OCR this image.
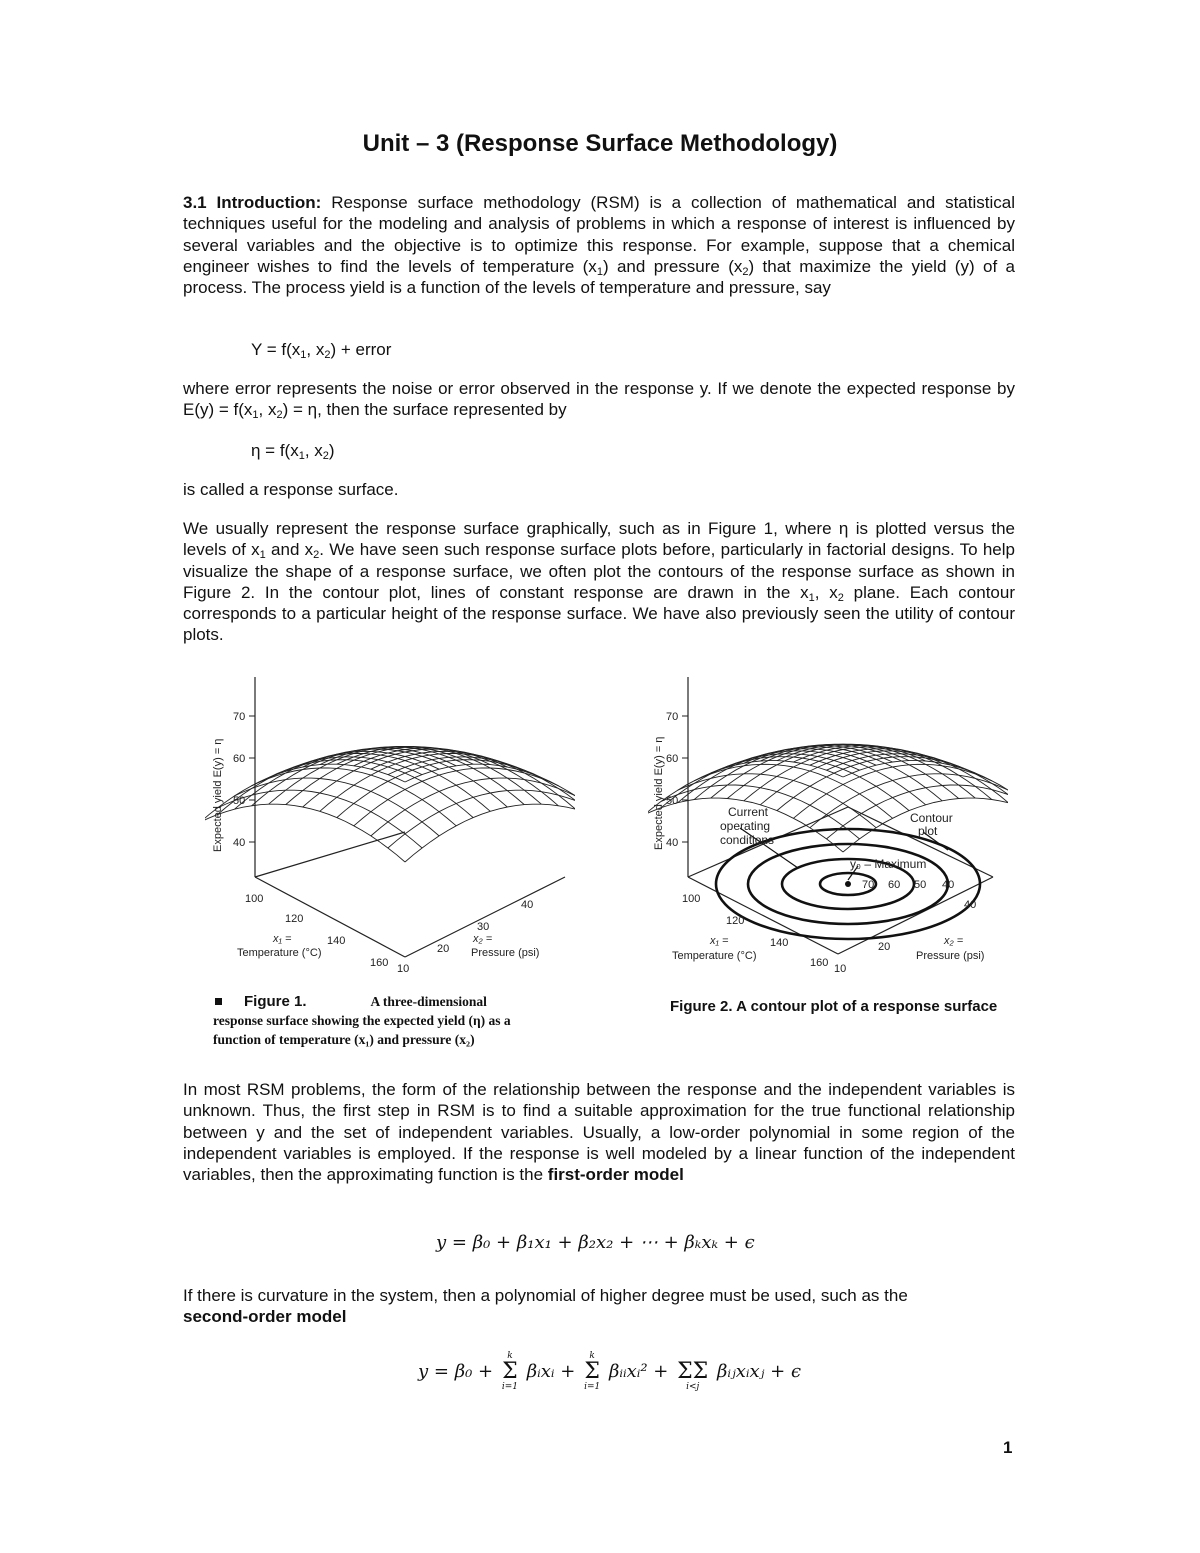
Unit – 3 (Response Surface Methodology)

3.1 Introduction: Response surface methodology (RSM) is a collection of mathematical and statistical techniques useful for the modeling and analysis of problems in which a response of interest is influenced by several variables and the objective is to optimize this response. For example, suppose that a chemical engineer wishes to find the levels of temperature $(x_1)$ and pressure $(x_2)$ that maximize the yield (y) of a process. The process yield is a function of the levels of temperature and pressure, say

$Y = f(x_1$, $x_2$) + error

where error represents the noise or error observed in the response y. If we denote the expected response by $E(y) = f(x_1$, $x_2) = \eta$, then the surface represented by

$\eta = f(x_1$, $x_2$)

is called a response surface.

We usually represent the response surface graphically, such as in Figure 1, where η is plotted versus the levels of $x_1$ and $x_2$. We have seen such response surface plots before, particularly in factorial designs. To help visualize the shape of a response surface, we often plot the contours of the response surface as shown in Figure 2. In the contour plot, lines of constant response are drawn in the $x_1$, $x_2$ plane. Each contour corresponds to a particular height of the response surface. We have also previously seen the utility of contour plots.

70
60
50
40
100
120
140
160 10
20
30
40
x₁ =
Temperature (°C)
x₂ =
Pressure (psi)
Expected yield E(y) = η
Figure 1.	A three-dimensional
response surface showing the expected yield (η) as a
function of temperature (x₁) and pressure (x₂)
70
60
50
40
Expected yield E(y) = η	Current
operating
conditions
Contour
plot
y₀ – Maximum
70 60 50 40
100
120
140
160 10
20
40
x₁ =
Temperature (°C)
x₂ =
Pressure (psi)
Figure 2. A contour plot of a response surface

In most RSM problems, the form of the relationship between the response and the independent variables is unknown. Thus, the first step in RSM is to find a suitable approximation for the true functional relationship between y and the set of independent variables. Usually, a low-order polynomial in some region of the independent variables is employed. If the response is well modeled by a linear function of the independent variables, then the approximating function is the first-order model

y = β₀ + β₁x₁ + β₂x₂ + ⋯ + βₖxₖ + ϵ

If there is curvature in the system, then a polynomial of higher degree must be used, such as the
second-order model

y = β₀ +
k
Σ
i=1
βᵢxᵢ +
k
Σ
i=1
βᵢᵢxᵢ² +
ΣΣ
i<j
βᵢⱼxᵢxⱼ + ϵ
1
